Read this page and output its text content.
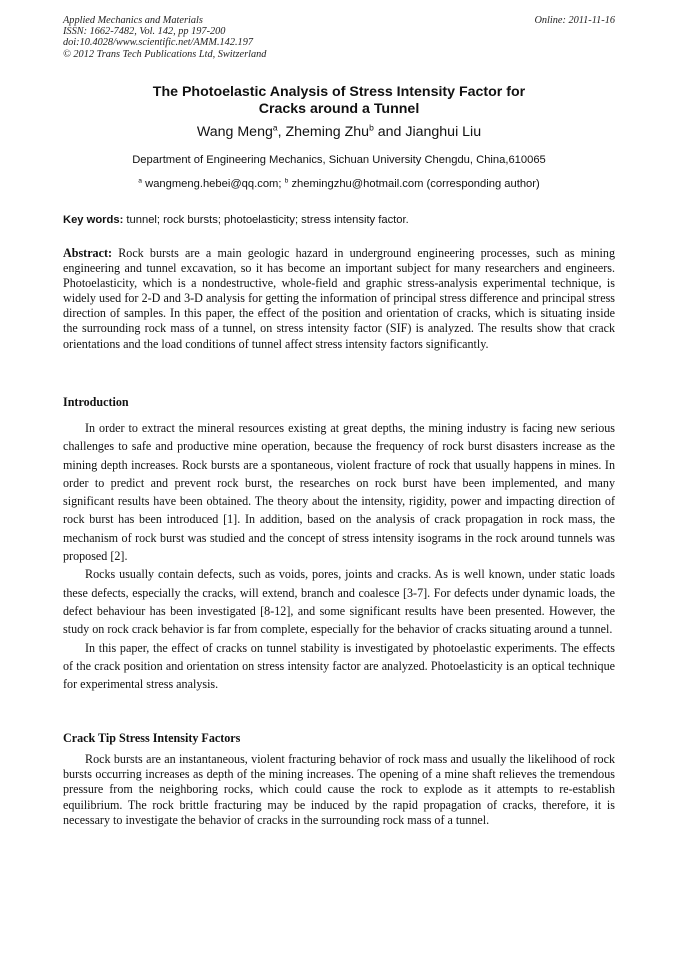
Applied Mechanics and Materials
ISSN: 1662-7482, Vol. 142, pp 197-200
doi:10.4028/www.scientific.net/AMM.142.197
© 2012 Trans Tech Publications Ltd, Switzerland
Online: 2011-11-16
The Photoelastic Analysis of Stress Intensity Factor for
Cracks around a Tunnel
Wang Meng$^a$, Zheming Zhu$^b$ and Jianghui Liu
Department of Engineering Mechanics, Sichuan University Chengdu, China,610065
$^a$ wangmeng.hebei@qq.com; $^b$ zhemingzhu@hotmail.com (corresponding author)
Key words: tunnel; rock bursts; photoelasticity; stress intensity factor.
Abstract: Rock bursts are a main geologic hazard in underground engineering processes, such as mining engineering and tunnel excavation, so it has become an important subject for many researchers and engineers. Photoelasticity, which is a nondestructive, whole-field and graphic stress-analysis experimental technique, is widely used for 2-D and 3-D analysis for getting the information of principal stress difference and principal stress direction of samples. In this paper, the effect of the position and orientation of cracks, which is situating inside the surrounding rock mass of a tunnel, on stress intensity factor (SIF) is analyzed. The results show that crack orientations and the load conditions of tunnel affect stress intensity factors significantly.
Introduction

In order to extract the mineral resources existing at great depths, the mining industry is facing new serious challenges to safe and productive mine operation, because the frequency of rock burst disasters increase as the mining depth increases. Rock bursts are a spontaneous, violent fracture of rock that usually happens in mines. In order to predict and prevent rock burst, the researches on rock burst have been implemented, and many significant results have been obtained. The theory about the intensity, rigidity, power and impacting direction of rock burst has been introduced [1]. In addition, based on the analysis of crack propagation in rock mass, the mechanism of rock burst was studied and the concept of stress intensity isograms in the rock around tunnels was proposed [2].

Rocks usually contain defects, such as voids, pores, joints and cracks. As is well known, under static loads these defects, especially the cracks, will extend, branch and coalesce [3-7]. For defects under dynamic loads, the defect behaviour has been investigated [8-12], and some significant results have been presented. However, the study on rock crack behavior is far from complete, especially for the behavior of cracks situating around a tunnel.

In this paper, the effect of cracks on tunnel stability is investigated by photoelastic experiments. The effects of the crack position and orientation on stress intensity factor are analyzed. Photoelasticity is an optical technique for experimental stress analysis.

Crack Tip Stress Intensity Factors

Rock bursts are an instantaneous, violent fracturing behavior of rock mass and usually the likelihood of rock bursts occurring increases as depth of the mining increases. The opening of a mine shaft relieves the tremendous pressure from the neighboring rocks, which could cause the rock to explode as it attempts to re-establish equilibrium. The rock brittle fracturing may be induced by the rapid propagation of cracks, therefore, it is necessary to investigate the behavior of cracks in the surrounding rock mass of a tunnel.
